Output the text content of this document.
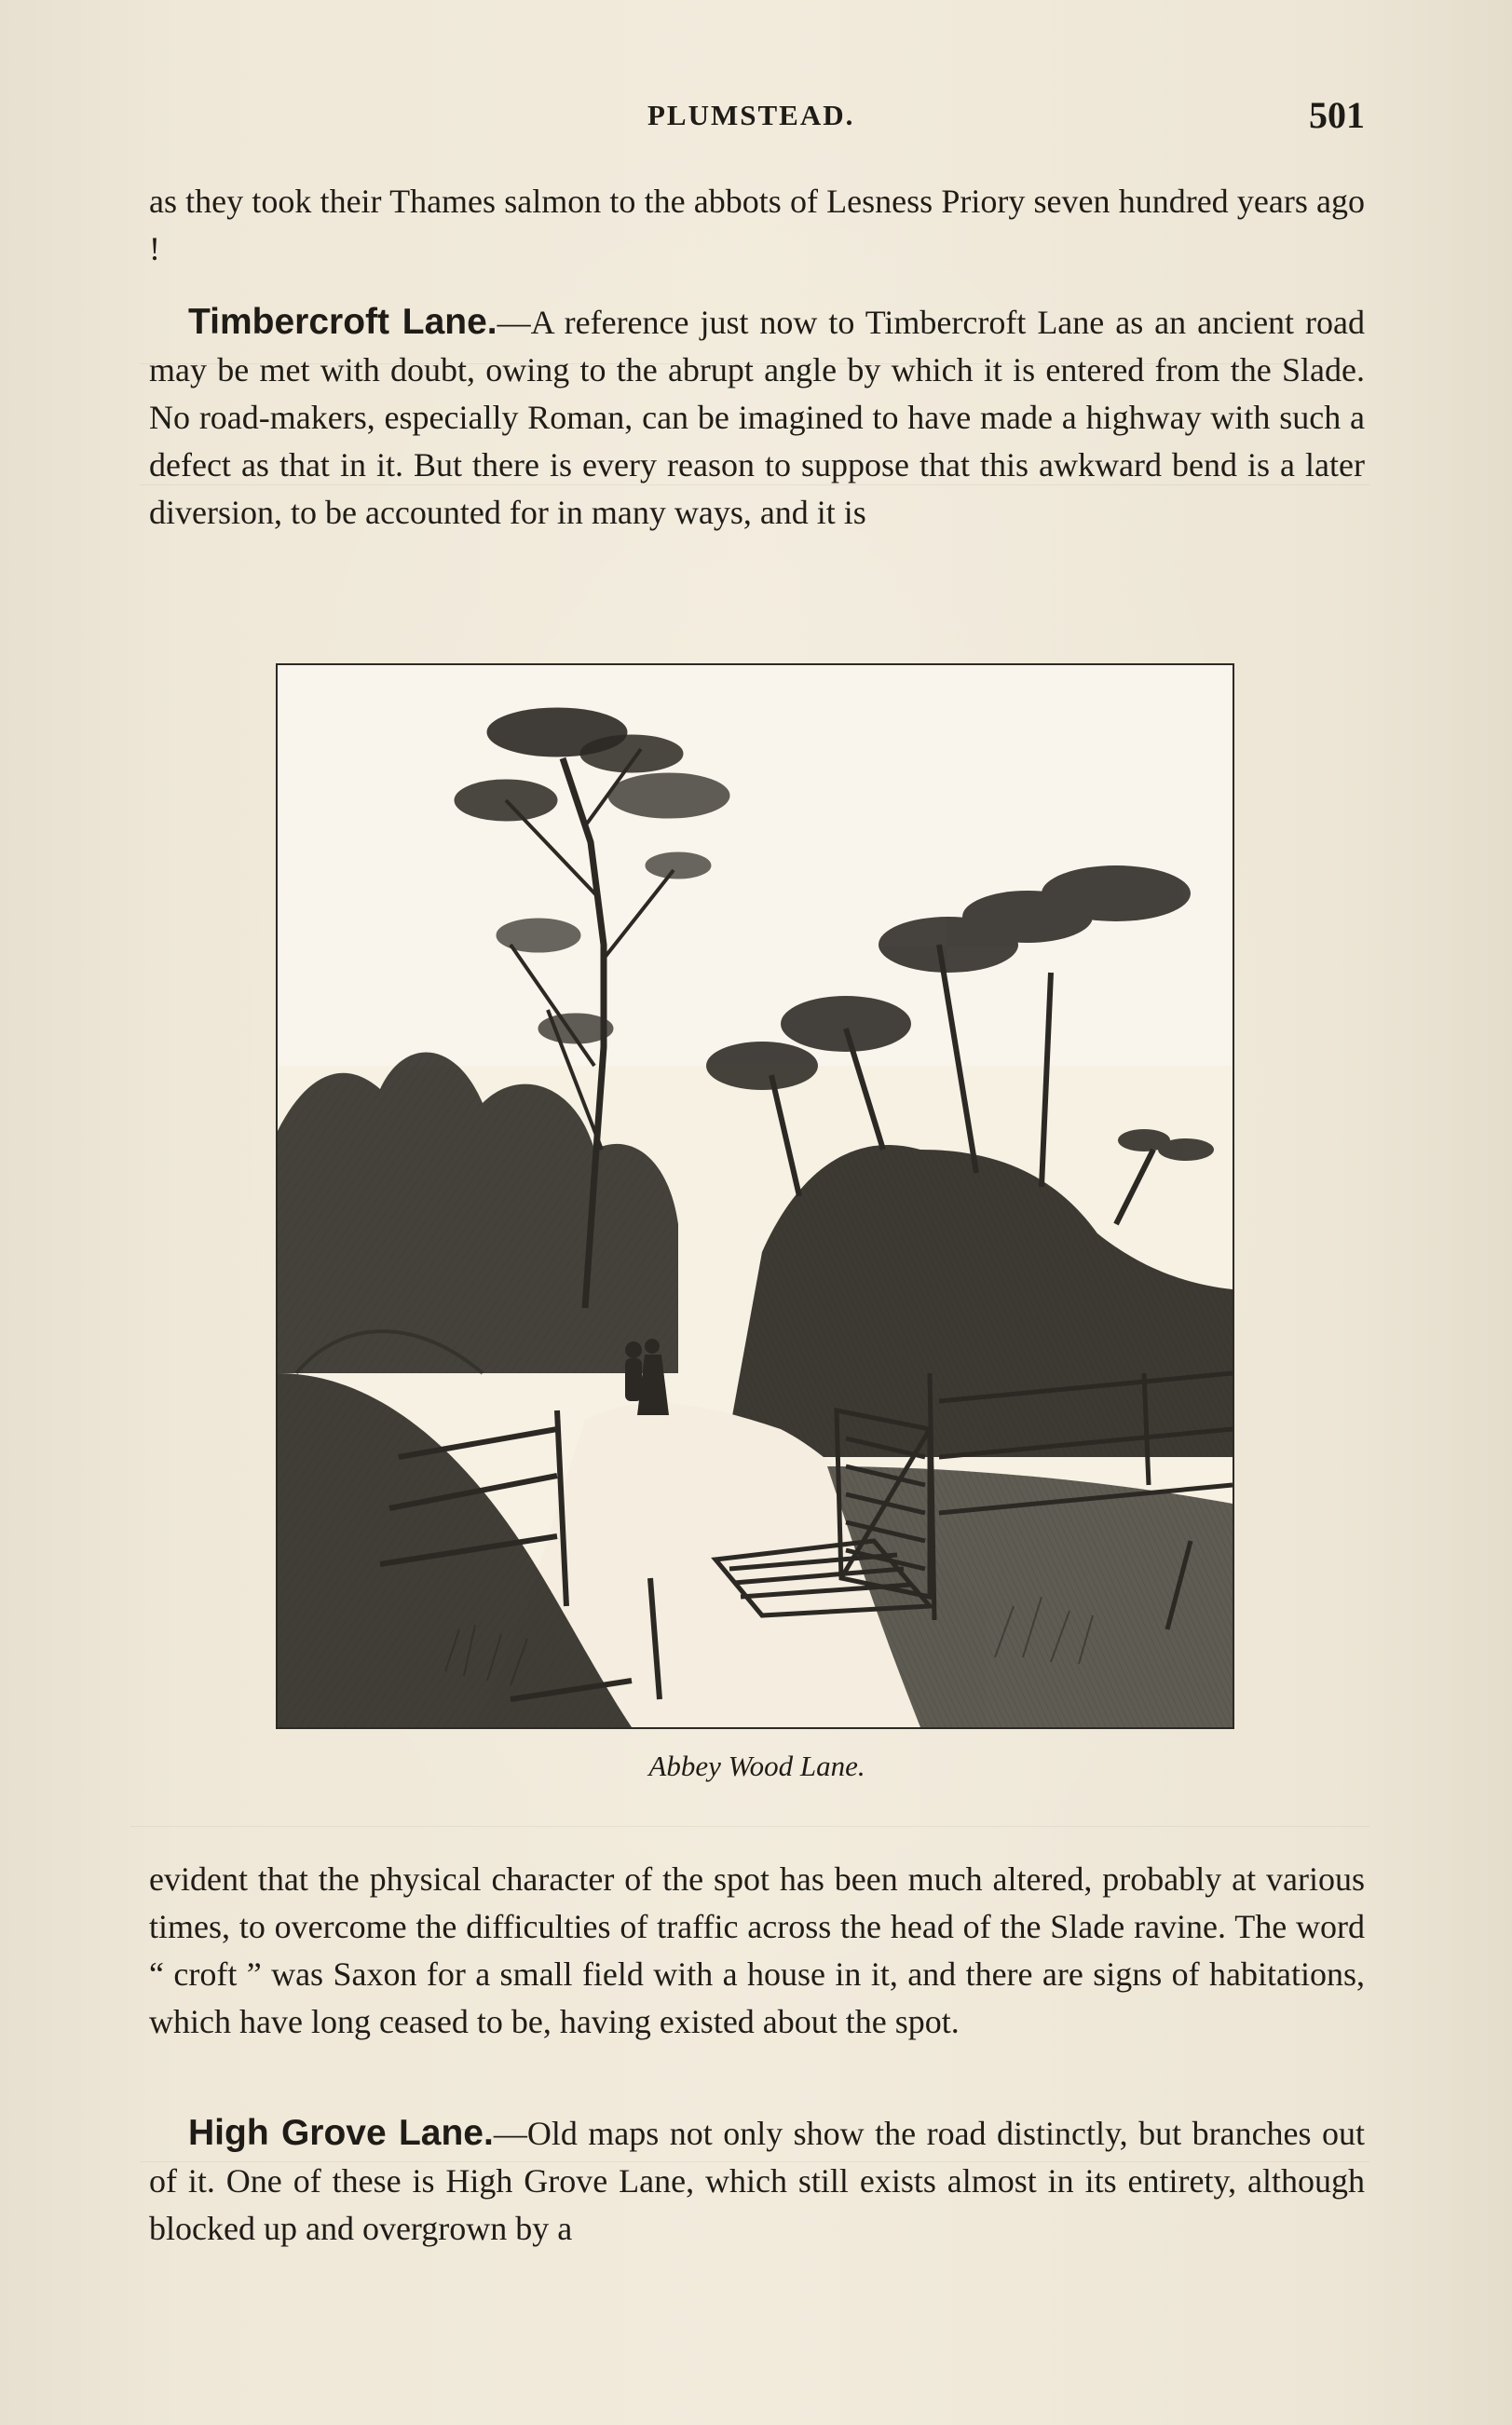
PLUMSTEAD.	501

as they took their Thames salmon to the abbots of Lesness Priory seven hundred years ago !

Timbercroft Lane.—A reference just now to Timbercroft Lane as an ancient road may be met with doubt, owing to the abrupt angle by which it is entered from the Slade. No road-makers, especially Roman, can be imagined to have made a highway with such a defect as that in it. But there is every reason to suppose that this awkward bend is a later diversion, to be accounted for in many ways, and it is

Abbey Wood Lane.

evident that the physical character of the spot has been much altered, probably at various times, to overcome the difficulties of traffic across the head of the Slade ravine. The word “ croft ” was Saxon for a small field with a house in it, and there are signs of habitations, which have long ceased to be, having existed about the spot.

High Grove Lane.—Old maps not only show the road distinctly, but branches out of it. One of these is High Grove Lane, which still exists almost in its entirety, although blocked up and overgrown by a
